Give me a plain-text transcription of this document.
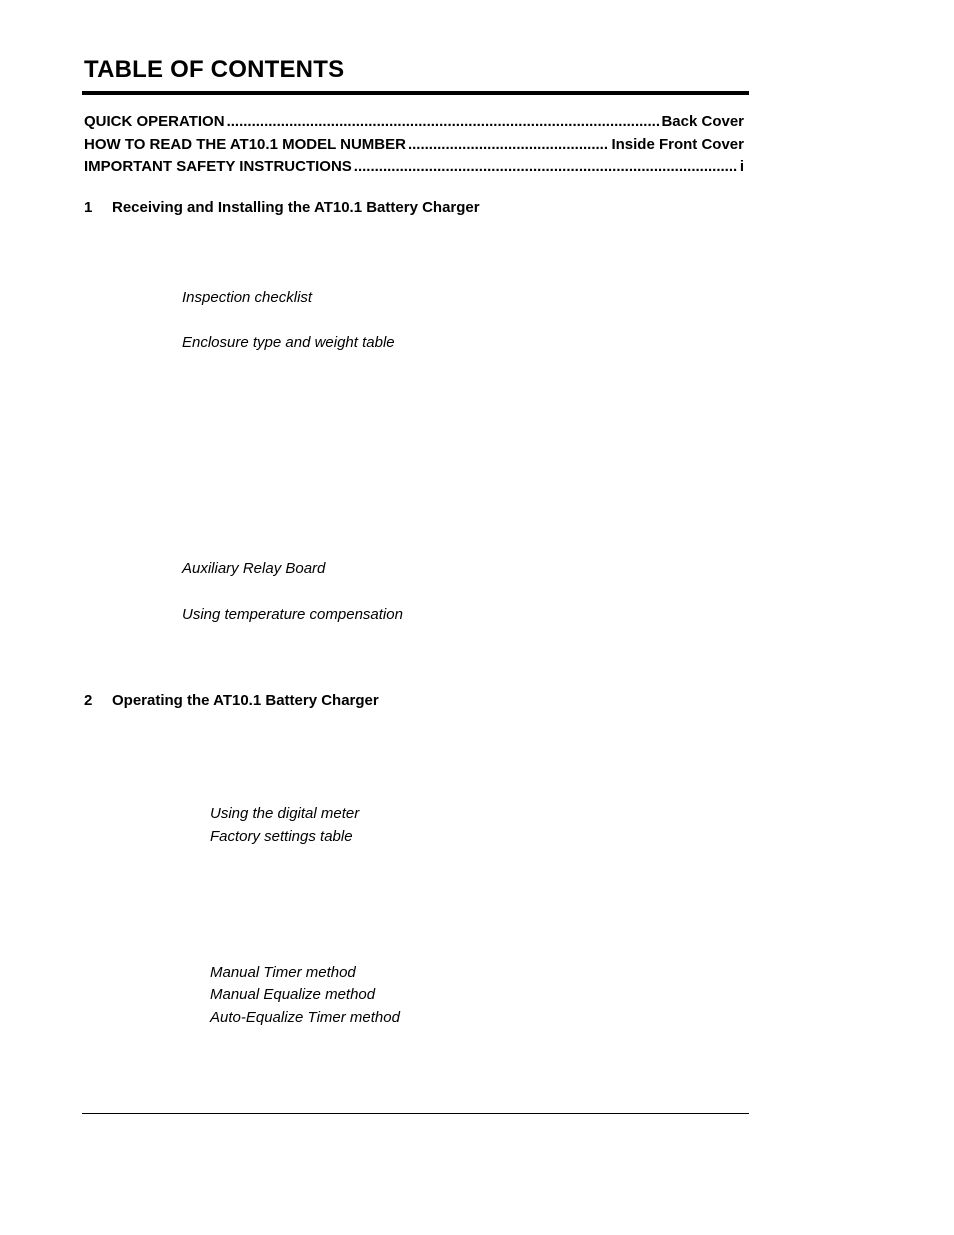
TABLE OF CONTENTS
QUICK OPERATION .....	Back Cover
HOW TO READ THE AT10.1 MODEL NUMBER .....	Inside Front Cover
IMPORTANT SAFETY INSTRUCTIONS .....	i
1 Receiving and Installing the AT10.1 Battery Charger
Inspection checklist
Enclosure type and weight table
Auxiliary Relay Board
Using temperature compensation
2 Operating the AT10.1 Battery Charger
Using the digital meter
Factory settings table
Manual Timer method
Manual Equalize method
Auto-Equalize Timer method
